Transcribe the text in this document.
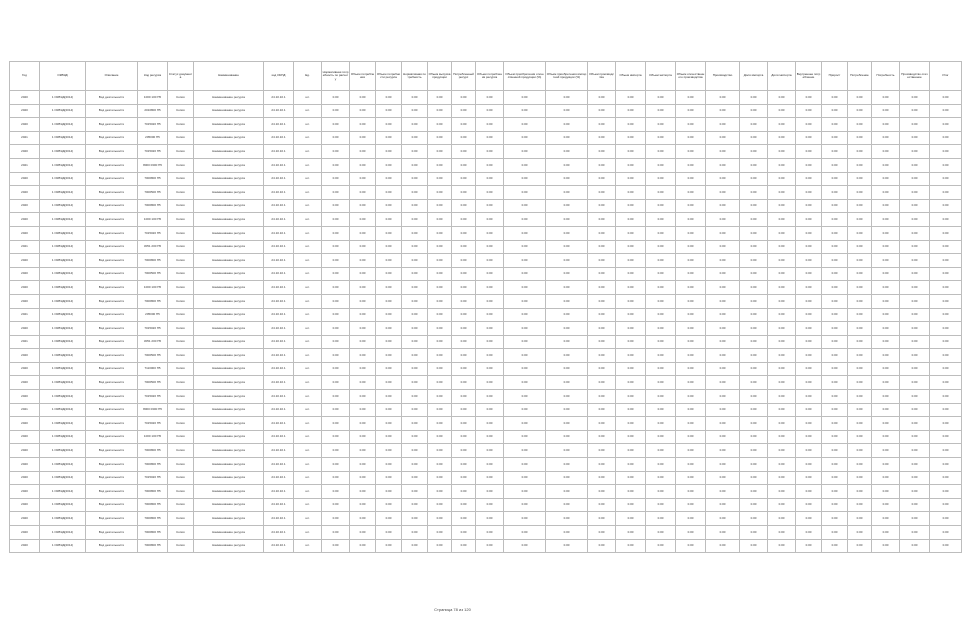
Год	ОКВЭД	Описание	Код ресурса	Статус документа	Наименование	код ОКПД	Ед.	Нормативная потребность по расчету	Объем потребления	Объем потребности ресурса	Нормативная потребность	Объем выпуска продукции	Потребленный ресурс	Объем потребления ресурса	Объем приобретения отечественной продукции (%)	Объем приобретения импортной продукции (%)	Объем производства	Объем импорта	Объем экспорта	Объем отечественного производства	Производство	Доля импорта	Доля экспорта	Внутреннее потребление	Прирост	Потребление	Потребность	Производство отечественное	Итог
2020	1 ОКВЭД(2014)	Вид деятельности	1000 100 П5	Копия	Наименование ресурса	24.10.10.1	шт.	0.00	0.00	0.00	0.00	0.00	0.00	0.00	0.00	0.00	0.00	0.00	0.00	0.00	0.00	0.00	0.00	0.00	0.00	0.00	0.00	0.00	0.00
2020	1 ОКВЭД(2014)	Вид деятельности	2010800 П5	Копия	Наименование ресурса	24.10.10.1	шт.	0.00	0.00	0.00	0.00	0.00	0.00	0.00	0.00	0.00	0.00	0.00	0.00	0.00	0.00	0.00	0.00	0.00	0.00	0.00	0.00	0.00	0.00
2020	1 ОКВЭД(2014)	Вид деятельности	7015020 П5	Копия	Наименование ресурса	24.10.10.1	шт.	0.00	0.00	0.00	0.00	0.00	0.00	0.00	0.00	0.00	0.00	0.00	0.00	0.00	0.00	0.00	0.00	0.00	0.00	0.00	0.00	0.00	0.00
2021	1 ОКВЭД(2014)	Вид деятельности	205000 П5	Копия	Наименование ресурса	24.10.10.1	шт.	0.00	0.00	0.00	0.00	0.00	0.00	0.00	0.00	0.00	0.00	0.00	0.00	0.00	0.00	0.00	0.00	0.00	0.00	0.00	0.00	0.00	0.00
2020	1 ОКВЭД(2014)	Вид деятельности	7015020 П5	Копия	Наименование ресурса	24.10.10.1	шт.	0.00	0.00	0.00	0.00	0.00	0.00	0.00	0.00	0.00	0.00	0.00	0.00	0.00	0.00	0.00	0.00	0.00	0.00	0.00	0.00	0.00	0.00
2021	1 ОКВЭД(2014)	Вид деятельности	8000 0300 П5	Копия	Наименование ресурса	24.10.10.1	шт.	0.00	0.00	0.00	0.00	0.00	0.00	0.00	0.00	0.00	0.00	0.00	0.00	0.00	0.00	0.00	0.00	0.00	0.00	0.00	0.00	0.00	0.00
2020	1 ОКВЭД(2014)	Вид деятельности	7000800 П5	Копия	Наименование ресурса	24.10.10.1	шт.	0.00	0.00	0.00	0.00	0.00	0.00	0.00	0.00	0.00	0.00	0.00	0.00	0.00	0.00	0.00	0.00	0.00	0.00	0.00	0.00	0.00	0.00
2020	1 ОКВЭД(2014)	Вид деятельности	7000500 П5	Копия	Наименование ресурса	24.10.10.1	шт.	0.00	0.00	0.00	0.00	0.00	0.00	0.00	0.00	0.00	0.00	0.00	0.00	0.00	0.00	0.00	0.00	0.00	0.00	0.00	0.00	0.00	0.00
2020	1 ОКВЭД(2014)	Вид деятельности	7000800 П5	Копия	Наименование ресурса	24.10.10.1	шт.	0.00	0.00	0.00	0.00	0.00	0.00	0.00	0.00	0.00	0.00	0.00	0.00	0.00	0.00	0.00	0.00	0.00	0.00	0.00	0.00	0.00	0.00
2020	1 ОКВЭД(2014)	Вид деятельности	1000 100 П5	Копия	Наименование ресурса	24.10.10.1	шт.	0.00	0.00	0.00	0.00	0.00	0.00	0.00	0.00	0.00	0.00	0.00	0.00	0.00	0.00	0.00	0.00	0.00	0.00	0.00	0.00	0.00	0.00
2020	1 ОКВЭД(2014)	Вид деятельности	7015020 П5	Копия	Наименование ресурса	24.10.10.1	шт.	0.00	0.00	0.00	0.00	0.00	0.00	0.00	0.00	0.00	0.00	0.00	0.00	0.00	0.00	0.00	0.00	0.00	0.00	0.00	0.00	0.00	0.00
2021	1 ОКВЭД(2014)	Вид деятельности	3051 200 П5	Копия	Наименование ресурса	24.10.10.1	шт.	0.00	0.00	0.00	0.00	0.00	0.00	0.00	0.00	0.00	0.00	0.00	0.00	0.00	0.00	0.00	0.00	0.00	0.00	0.00	0.00	0.00	0.00
2020	1 ОКВЭД(2014)	Вид деятельности	7000800 П5	Копия	Наименование ресурса	24.10.10.1	шт.	0.00	0.00	0.00	0.00	0.00	0.00	0.00	0.00	0.00	0.00	0.00	0.00	0.00	0.00	0.00	0.00	0.00	0.00	0.00	0.00	0.00	0.00
2020	1 ОКВЭД(2014)	Вид деятельности	7000500 П5	Копия	Наименование ресурса	24.10.10.1	шт.	0.00	0.00	0.00	0.00	0.00	0.00	0.00	0.00	0.00	0.00	0.00	0.00	0.00	0.00	0.00	0.00	0.00	0.00	0.00	0.00	0.00	0.00
2020	1 ОКВЭД(2014)	Вид деятельности	1000 100 П5	Копия	Наименование ресурса	24.10.10.1	шт.	0.00	0.00	0.00	0.00	0.00	0.00	0.00	0.00	0.00	0.00	0.00	0.00	0.00	0.00	0.00	0.00	0.00	0.00	0.00	0.00	0.00	0.00
2020	1 ОКВЭД(2014)	Вид деятельности	7000800 П5	Копия	Наименование ресурса	24.10.10.1	шт.	0.00	0.00	0.00	0.00	0.00	0.00	0.00	0.00	0.00	0.00	0.00	0.00	0.00	0.00	0.00	0.00	0.00	0.00	0.00	0.00	0.00	0.00
2021	1 ОКВЭД(2014)	Вид деятельности	205000 П5	Копия	Наименование ресурса	24.10.10.1	шт.	0.00	0.00	0.00	0.00	0.00	0.00	0.00	0.00	0.00	0.00	0.00	0.00	0.00	0.00	0.00	0.00	0.00	0.00	0.00	0.00	0.00	0.00
2020	1 ОКВЭД(2014)	Вид деятельности	7015020 П5	Копия	Наименование ресурса	24.10.10.1	шт.	0.00	0.00	0.00	0.00	0.00	0.00	0.00	0.00	0.00	0.00	0.00	0.00	0.00	0.00	0.00	0.00	0.00	0.00	0.00	0.00	0.00	0.00
2021	1 ОКВЭД(2014)	Вид деятельности	3051 200 П5	Копия	Наименование ресурса	24.10.10.1	шт.	0.00	0.00	0.00	0.00	0.00	0.00	0.00	0.00	0.00	0.00	0.00	0.00	0.00	0.00	0.00	0.00	0.00	0.00	0.00	0.00	0.00	0.00
2020	1 ОКВЭД(2014)	Вид деятельности	7000500 П5	Копия	Наименование ресурса	24.10.10.1	шт.	0.00	0.00	0.00	0.00	0.00	0.00	0.00	0.00	0.00	0.00	0.00	0.00	0.00	0.00	0.00	0.00	0.00	0.00	0.00	0.00	0.00	0.00
2020	1 ОКВЭД(2014)	Вид деятельности	7110000 П5	Копия	Наименование ресурса	24.10.10.1	шт.	0.00	0.00	0.00	0.00	0.00	0.00	0.00	0.00	0.00	0.00	0.00	0.00	0.00	0.00	0.00	0.00	0.00	0.00	0.00	0.00	0.00	0.00
2020	1 ОКВЭД(2014)	Вид деятельности	7000500 П5	Копия	Наименование ресурса	24.10.10.1	шт.	0.00	0.00	0.00	0.00	0.00	0.00	0.00	0.00	0.00	0.00	0.00	0.00	0.00	0.00	0.00	0.00	0.00	0.00	0.00	0.00	0.00	0.00
2020	1 ОКВЭД(2014)	Вид деятельности	7015020 П5	Копия	Наименование ресурса	24.10.10.1	шт.	0.00	0.00	0.00	0.00	0.00	0.00	0.00	0.00	0.00	0.00	0.00	0.00	0.00	0.00	0.00	0.00	0.00	0.00	0.00	0.00	0.00	0.00
2021	1 ОКВЭД(2014)	Вид деятельности	8000 0300 П5	Копия	Наименование ресурса	24.10.10.1	шт.	0.00	0.00	0.00	0.00	0.00	0.00	0.00	0.00	0.00	0.00	0.00	0.00	0.00	0.00	0.00	0.00	0.00	0.00	0.00	0.00	0.00	0.00
2020	1 ОКВЭД(2014)	Вид деятельности	7015020 П5	Копия	Наименование ресурса	24.10.10.1	шт.	0.00	0.00	0.00	0.00	0.00	0.00	0.00	0.00	0.00	0.00	0.00	0.00	0.00	0.00	0.00	0.00	0.00	0.00	0.00	0.00	0.00	0.00
2020	1 ОКВЭД(2014)	Вид деятельности	1000 100 П5	Копия	Наименование ресурса	24.10.10.1	шт.	0.00	0.00	0.00	0.00	0.00	0.00	0.00	0.00	0.00	0.00	0.00	0.00	0.00	0.00	0.00	0.00	0.00	0.00	0.00	0.00	0.00	0.00
2020	1 ОКВЭД(2014)	Вид деятельности	7000800 П5	Копия	Наименование ресурса	24.10.10.1	шт.	0.00	0.00	0.00	0.00	0.00	0.00	0.00	0.00	0.00	0.00	0.00	0.00	0.00	0.00	0.00	0.00	0.00	0.00	0.00	0.00	0.00	0.00
2020	1 ОКВЭД(2014)	Вид деятельности	7000800 П5	Копия	Наименование ресурса	24.10.10.1	шт.	0.00	0.00	0.00	0.00	0.00	0.00	0.00	0.00	0.00	0.00	0.00	0.00	0.00	0.00	0.00	0.00	0.00	0.00	0.00	0.00	0.00	0.00
2020	1 ОКВЭД(2014)	Вид деятельности	7015020 П5	Копия	Наименование ресурса	24.10.10.1	шт.	0.00	0.00	0.00	0.00	0.00	0.00	0.00	0.00	0.00	0.00	0.00	0.00	0.00	0.00	0.00	0.00	0.00	0.00	0.00	0.00	0.00	0.00
2020	1 ОКВЭД(2014)	Вид деятельности	7000800 П5	Копия	Наименование ресурса	24.10.10.1	шт.	0.00	0.00	0.00	0.00	0.00	0.00	0.00	0.00	0.00	0.00	0.00	0.00	0.00	0.00	0.00	0.00	0.00	0.00	0.00	0.00	0.00	0.00
2020	1 ОКВЭД(2014)	Вид деятельности	7000800 П5	Копия	Наименование ресурса	24.10.10.1	шт.	0.00	0.00	0.00	0.00	0.00	0.00	0.00	0.00	0.00	0.00	0.00	0.00	0.00	0.00	0.00	0.00	0.00	0.00	0.00	0.00	0.00	0.00
2020	1 ОКВЭД(2014)	Вид деятельности	7000800 П5	Копия	Наименование ресурса	24.10.10.1	шт.	0.00	0.00	0.00	0.00	0.00	0.00	0.00	0.00	0.00	0.00	0.00	0.00	0.00	0.00	0.00	0.00	0.00	0.00	0.00	0.00	0.00	0.00
2020	1 ОКВЭД(2014)	Вид деятельности	7000800 П5	Копия	Наименование ресурса	24.10.10.1	шт.	0.00	0.00	0.00	0.00	0.00	0.00	0.00	0.00	0.00	0.00	0.00	0.00	0.00	0.00	0.00	0.00	0.00	0.00	0.00	0.00	0.00	0.00
2020	1 ОКВЭД(2014)	Вид деятельности	7000800 П5	Копия	Наименование ресурса	24.10.10.1	шт.	0.00	0.00	0.00	0.00	0.00	0.00	0.00	0.00	0.00	0.00	0.00	0.00	0.00	0.00	0.00	0.00	0.00	0.00	0.00	0.00	0.00	0.00
Страница 78 из 120
